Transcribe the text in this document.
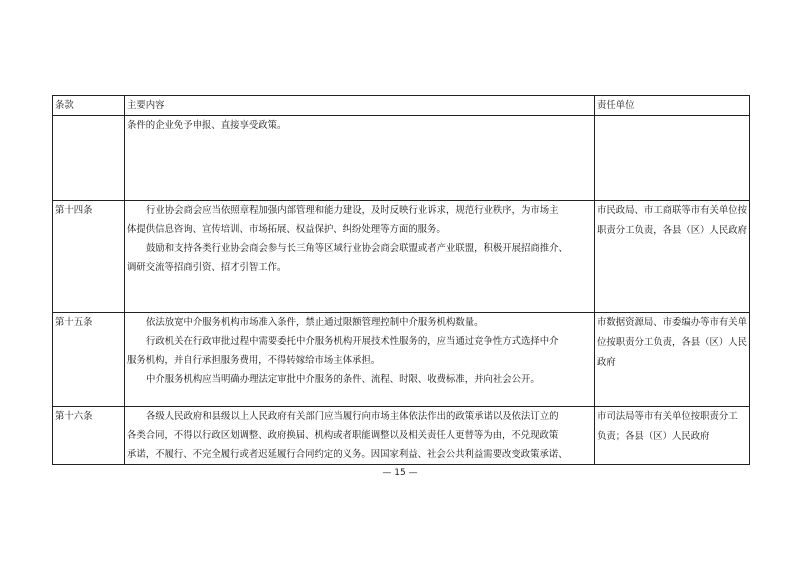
条款	主要内容	责任单位

	条件的企业免予申报、直接享受政策。	

第十四条	行业协会商会应当依照章程加强内部管理和能力建设，及时反映行业诉求，规范行业秩序，为市场主
体提供信息咨询、宣传培训、市场拓展、权益保护、纠纷处理等方面的服务。
鼓励和支持各类行业协会商会参与长三角等区域行业协会商会联盟或者产业联盟，积极开展招商推介、
调研交流等招商引资、招才引智工作。	市民政局、市工商联等市有关单位按
职责分工负责，各县（区）人民政府

第十五条	依法放宽中介服务机构市场准入条件，禁止通过限额管理控制中介服务机构数量。
行政机关在行政审批过程中需要委托中介服务机构开展技术性服务的，应当通过竞争性方式选择中介
服务机构，并自行承担服务费用，不得转嫁给市场主体承担。
中介服务机构应当明确办理法定审批中介服务的条件、流程、时限、收费标准，并向社会公开。	市数据资源局、市委编办等市有关单
位按职责分工负责，各县（区）人民
政府

第十六条	各级人民政府和县级以上人民政府有关部门应当履行向市场主体依法作出的政策承诺以及依法订立的
各类合同，不得以行政区划调整、政府换届、机构或者职能调整以及相关责任人更替等为由，不兑现政策
承诺，不履行、不完全履行或者迟延履行合同约定的义务。因国家利益、社会公共利益需要改变政策承诺、	市司法局等市有关单位按职责分工
负责；各县（区）人民政府
— 15 —
